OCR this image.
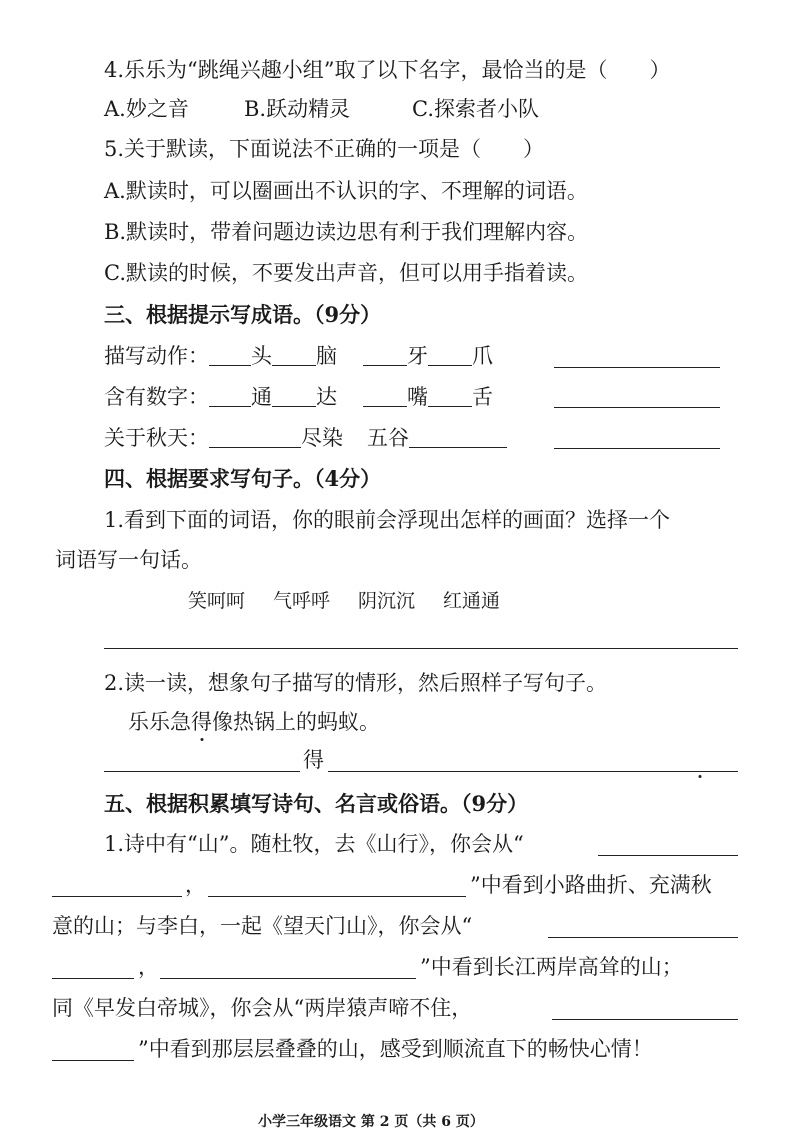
4.乐乐为“跳绳兴趣小组”取了以下名字，最恰当的是（　　）
A.妙之音	B.跃动精灵	C.探索者小队
5.关于默读，下面说法不正确的一项是（　　）
A.默读时，可以圈画出不认识的字、不理解的词语。
B.默读时，带着问题边读边思有利于我们理解内容。
C.默读的时候，不要发出声音，但可以用手指着读。
三、根据提示写成语。（9分）
描写动作： 头 脑	牙 爪
含有数字： 通 达	嘴 舌
关于秋天：	尽染 五谷
四、根据要求写句子。（4分）
1.看到下面的词语，你的眼前会浮现出怎样的画面？选择一个
词语写一句话。
笑呵呵 气呼呼 阴沉沉 红通通
2.读一读，想象句子描写的情形，然后照样子写句子。
乐乐急得像热锅上的蚂蚁。
得
五、根据积累填写诗句、名言或俗语。（9分）
1.诗中有“山”。随杜牧，去《山行》，你会从“
，	”中看到小路曲折、充满秋
意的山；与李白，一起《望天门山》，你会从“
，	”中看到长江两岸高耸的山；
同《早发白帝城》，你会从“两岸猿声啼不住，
”中看到那层层叠叠的山，感受到顺流直下的畅快心情！
小学三年级语文 第 2 页（共 6 页）
